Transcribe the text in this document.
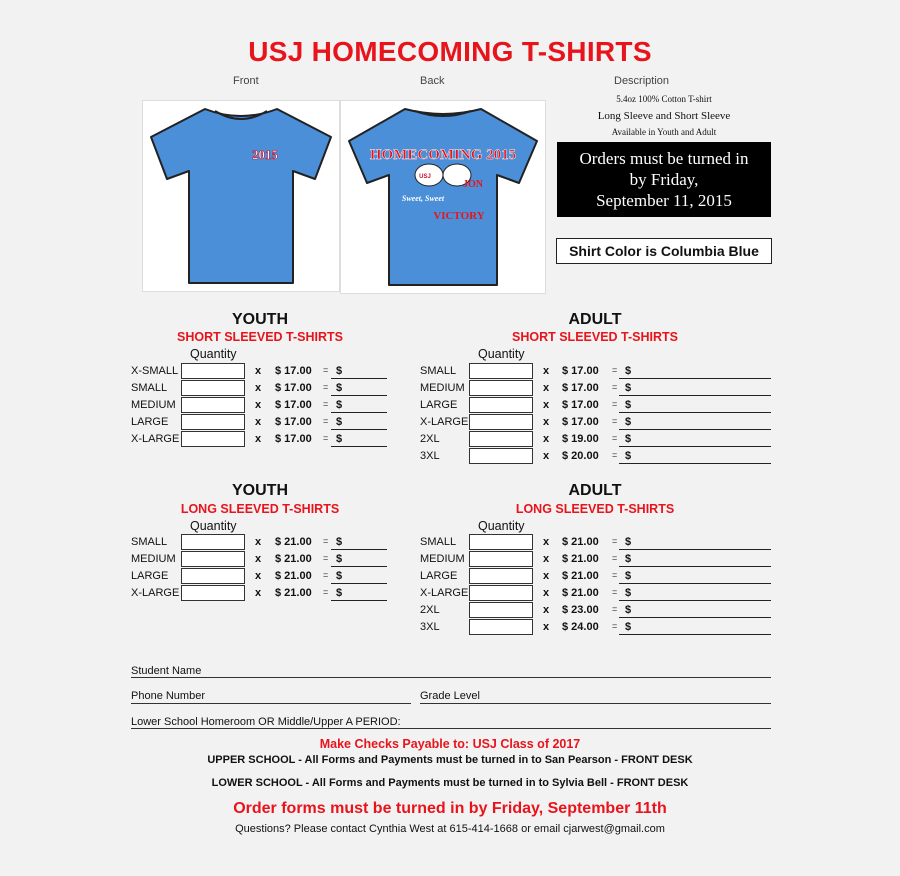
USJ HOMECOMING T-SHIRTS
Front	Back	Description
2015	HOMECOMING 2015
USJ
JON
Sweet, Sweet
VICTORY
5.4oz 100% Cotton T-shirt
Long Sleeve and Short Sleeve
Available in Youth and Adult
Orders must be turned in
by Friday,
September 11, 2015
Shirt Color is Columbia Blue
YOUTH
SHORT SLEEVED T-SHIRTS
Quantity
X-SMALL	x $ 17.00 = $
SMALL	x $ 17.00 = $
MEDIUM	x $ 17.00 = $
LARGE	x $ 17.00 = $
X-LARGE	x $ 17.00 = $
ADULT
SHORT SLEEVED T-SHIRTS
Quantity
SMALL	x $ 17.00 = $
MEDIUM	x $ 17.00 = $
LARGE	x $ 17.00 = $
X-LARGE	x $ 17.00 = $
2XL	x $ 19.00 = $
3XL	x $ 20.00 = $
YOUTH
LONG SLEEVED T-SHIRTS
Quantity
SMALL	x $ 21.00 = $
MEDIUM	x $ 21.00 = $
LARGE	x $ 21.00 = $
X-LARGE	x $ 21.00 = $
ADULT
LONG SLEEVED T-SHIRTS
Quantity
SMALL	x $ 21.00 = $
MEDIUM	x $ 21.00 = $
LARGE	x $ 21.00 = $
X-LARGE	x $ 21.00 = $
2XL	x $ 23.00 = $
3XL	x $ 24.00 = $
Student Name
Phone Number	Grade Level
Lower School Homeroom OR Middle/Upper A PERIOD:
Make Checks Payable to: USJ Class of 2017
UPPER SCHOOL - All Forms and Payments must be turned in to San Pearson - FRONT DESK
LOWER SCHOOL - All Forms and Payments must be turned in to Sylvia Bell - FRONT DESK
Order forms must be turned in by Friday, September 11th
Questions? Please contact Cynthia West at 615-414-1668 or email cjarwest@gmail.com
